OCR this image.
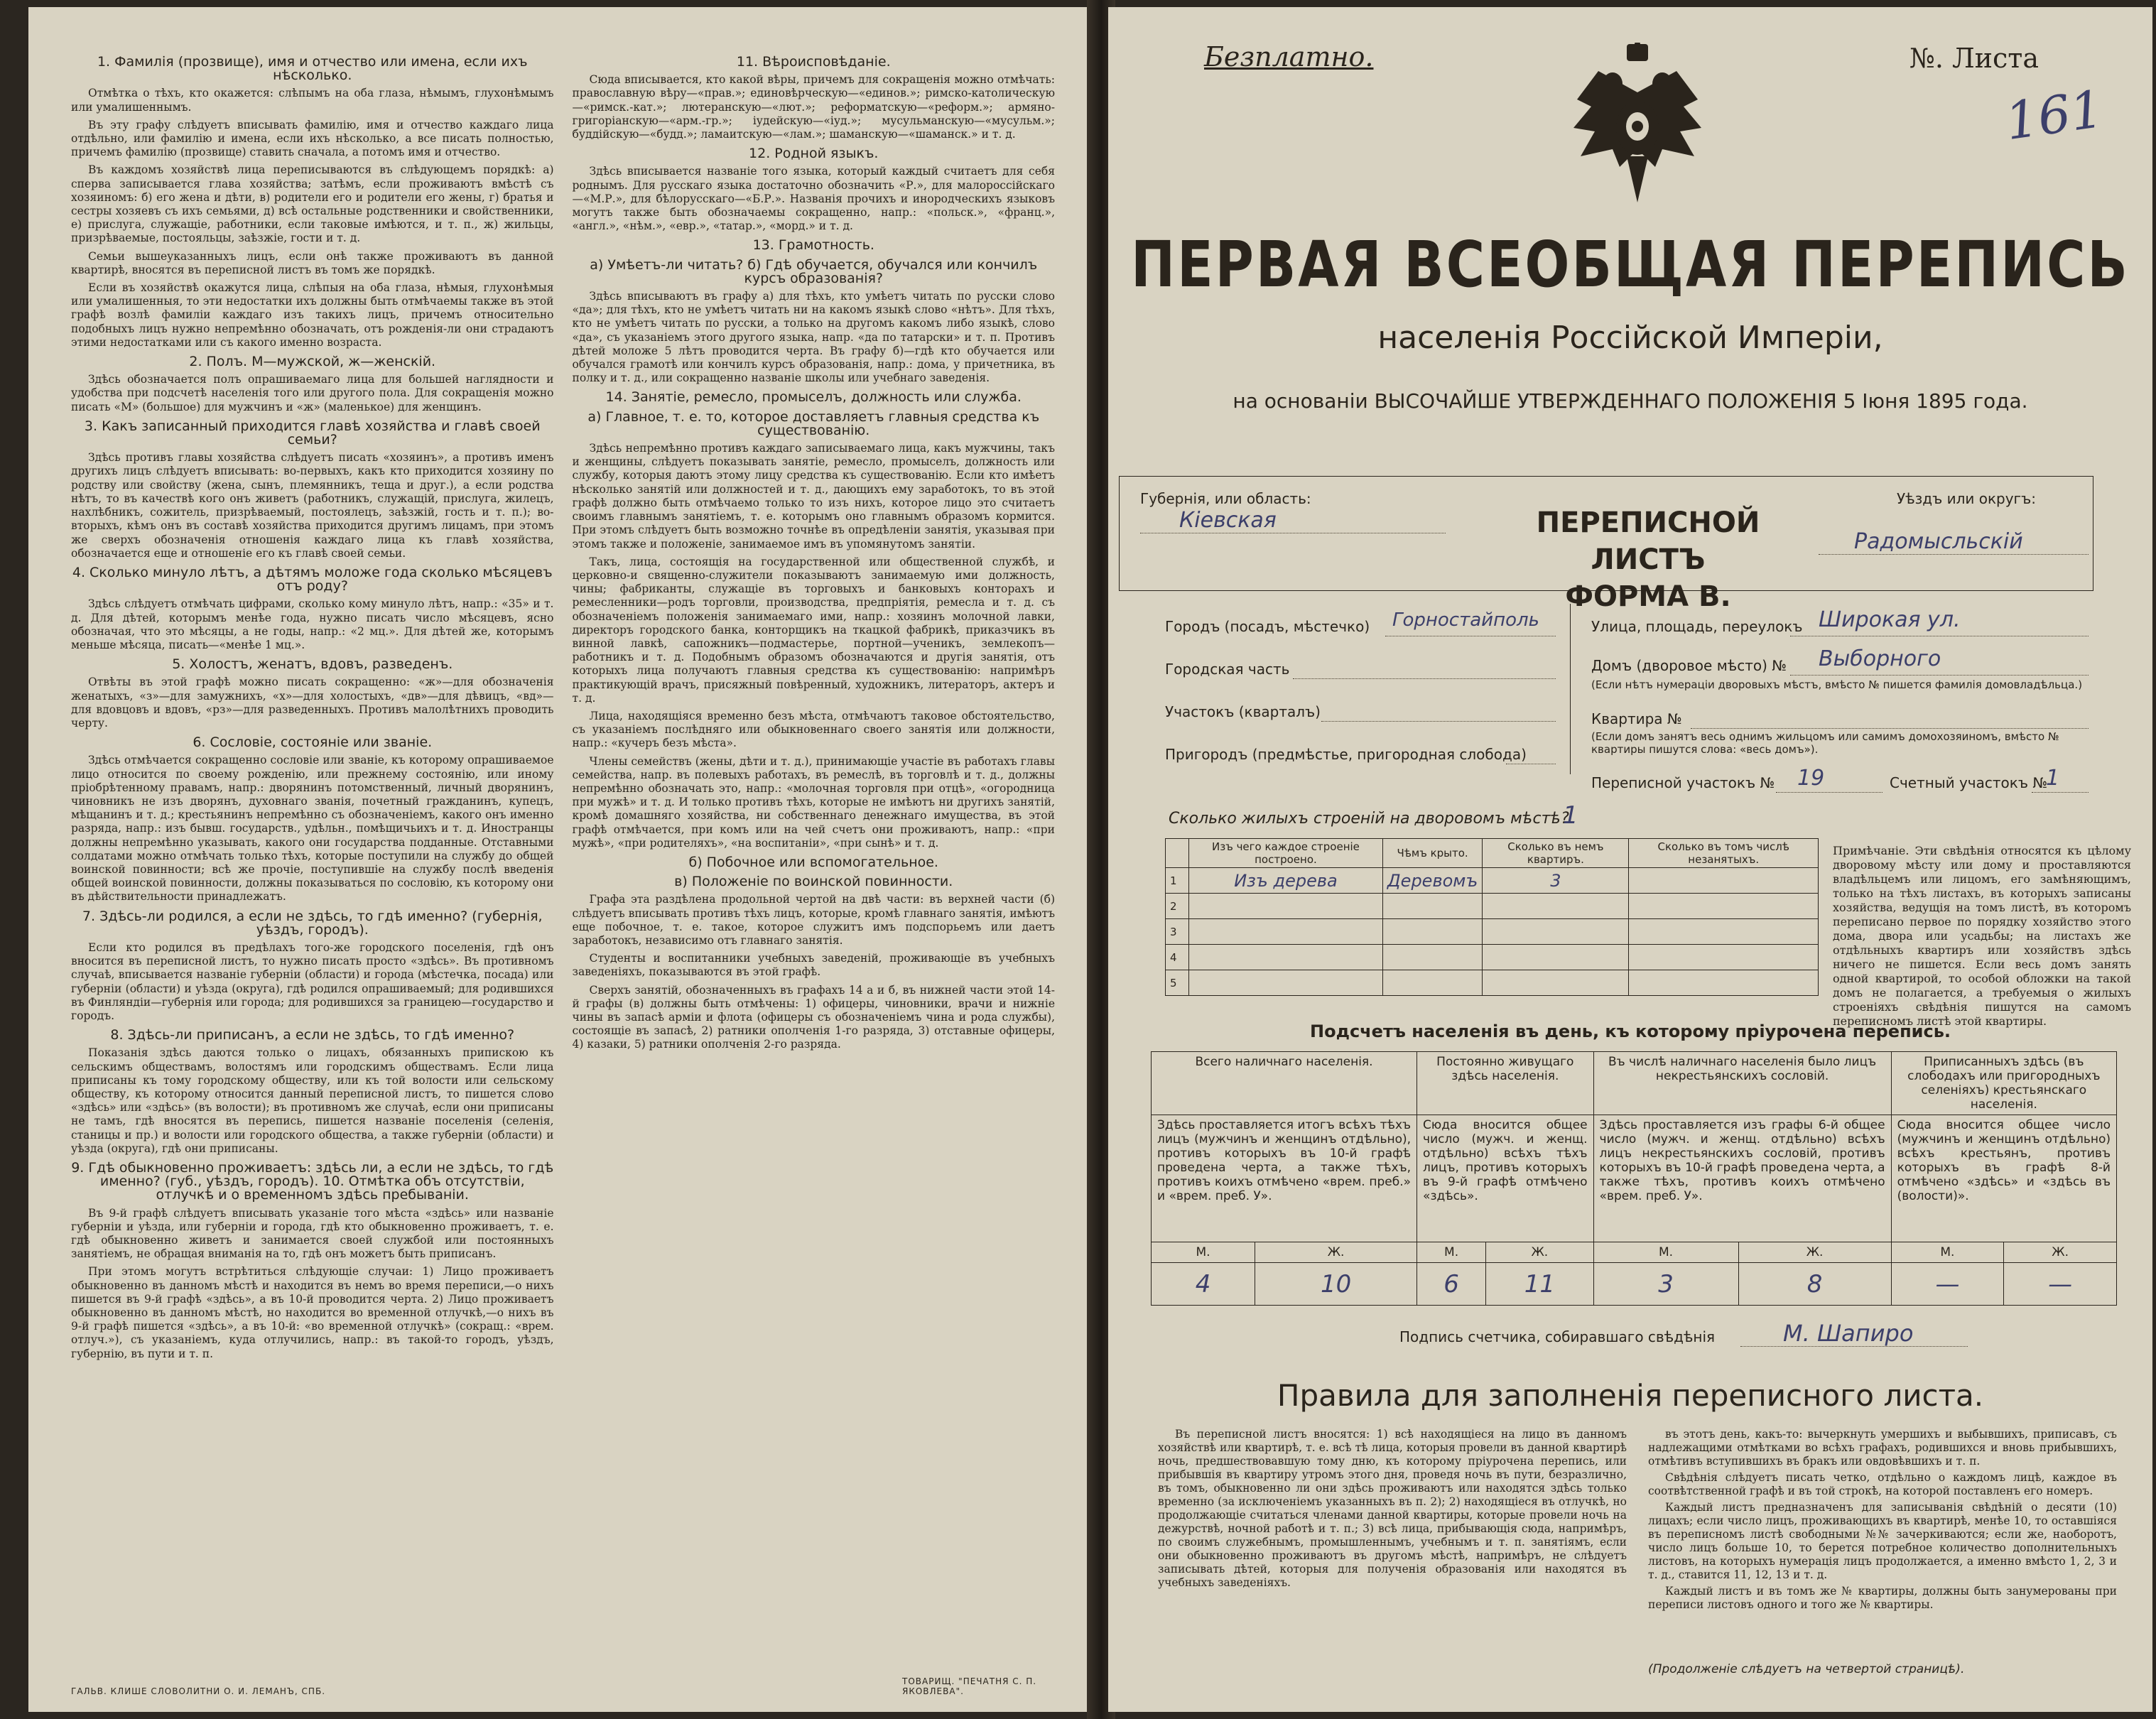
1. Фамилія (прозвище), имя и отчество или имена, если ихъ нѣсколько.

Отмѣтка о тѣхъ, кто окажется: слѣпымъ на оба глаза, нѣмымъ, глухонѣмымъ или умалишеннымъ.

Въ эту графу слѣдуетъ вписывать фамилію, имя и отчество каждаго лица отдѣльно, или фамилію и имена, если ихъ нѣсколько, а все писать полностью, причемъ фамилію (прозвище) ставить сначала, а потомъ имя и отчество.

Въ каждомъ хозяйствѣ лица переписываются въ слѣдующемъ порядкѣ: а) сперва записывается глава хозяйства; затѣмъ, если проживаютъ вмѣстѣ съ хозяиномъ: б) его жена и дѣти, в) родители его и родители его жены, г) братья и сестры хозяевъ съ ихъ семьями, д) всѣ остальные родственники и свойственники, е) прислуга, служащіе, работники, если таковые имѣются, и т. п., ж) жильцы, призрѣваемые, постояльцы, заѣзжіе, гости и т. д.

Семьи вышеуказанныхъ лицъ, если онѣ также проживаютъ въ данной квартирѣ, вносятся въ переписной листъ въ томъ же порядкѣ.

Если въ хозяйствѣ окажутся лица, слѣпыя на оба глаза, нѣмыя, глухонѣмыя или умалишенныя, то эти недостатки ихъ должны быть отмѣчаемы также въ этой графѣ возлѣ фамиліи каждаго изъ такихъ лицъ, причемъ относительно подобныхъ лицъ нужно непремѣнно обозначать, отъ рожденія-ли они страдаютъ этими недостатками или съ какого именно возраста.

2. Полъ. М—мужской, ж—женскій.

Здѣсь обозначается полъ опрашиваемаго лица для большей наглядности и удобства при подсчетѣ населенія того или другого пола. Для сокращенія можно писать «М» (большое) для мужчинъ и «ж» (маленькое) для женщинъ.

3. Какъ записанный приходится главѣ хозяйства и главѣ своей семьи?

Здѣсь противъ главы хозяйства слѣдуетъ писать «хозяинъ», а противъ именъ другихъ лицъ слѣдуетъ вписывать: во-первыхъ, какъ кто приходится хозяину по родству или свойству (жена, сынъ, племянникъ, теща и друг.), а если родства нѣтъ, то въ качествѣ кого онъ живетъ (работникъ, служащій, прислуга, жилецъ, нахлѣбникъ, сожитель, призрѣваемый, постоялецъ, заѣзжій, гость и т. п.); во-вторыхъ, кѣмъ онъ въ составѣ хозяйства приходится другимъ лицамъ, при этомъ же сверхъ обозначенія отношенія каждаго лица къ главѣ хозяйства, обозначается еще и отношеніе его къ главѣ своей семьи.

4. Сколько минуло лѣтъ, а дѣтямъ моложе года сколько мѣсяцевъ отъ роду?

Здѣсь слѣдуетъ отмѣчать цифрами, сколько кому минуло лѣтъ, напр.: «35» и т. д. Для дѣтей, которымъ менѣе года, нужно писать число мѣсяцевъ, ясно обозначая, что это мѣсяцы, а не годы, напр.: «2 мц.». Для дѣтей же, которымъ меньше мѣсяца, писать—«менѣе 1 мц.».

5. Холостъ, женатъ, вдовъ, разведенъ.

Отвѣты въ этой графѣ можно писать сокращенно: «ж»—для обозначенія женатыхъ, «з»—для замужнихъ, «х»—для холостыхъ, «дв»—для дѣвицъ, «вд»—для вдовцовъ и вдовъ, «рз»—для разведенныхъ. Противъ малолѣтнихъ проводить черту.

6. Сословіе, состояніе или званіе.

Здѣсь отмѣчается сокращенно сословіе или званіе, къ которому опрашиваемое лицо относится по своему рожденію, или прежнему состоянію, или иному пріобрѣтенному правамъ, напр.: дворянинъ потомственный, личный дворянинъ, чиновникъ не изъ дворянъ, духовнаго званія, почетный гражданинъ, купецъ, мѣщанинъ и т. д.; крестьянинъ непремѣнно съ обозначеніемъ, какого онъ именно разряда, напр.: изъ бывш. государств., удѣльн., помѣщичьихъ и т. д. Иностранцы должны непремѣнно указывать, какого они государства подданные. Отставными солдатами можно отмѣчать только тѣхъ, которые поступили на службу до общей воинской повинности; всѣ же прочіе, поступившіе на службу послѣ введенія общей воинской повинности, должны показываться по сословію, къ которому они въ дѣйствительности принадлежатъ.

7. Здѣсь-ли родился, а если не здѣсь, то гдѣ именно? (губернія, уѣздъ, городъ).

Если кто родился въ предѣлахъ того-же городского поселенія, гдѣ онъ вносится въ переписной листъ, то нужно писать просто «здѣсь». Въ противномъ случаѣ, вписывается названіе губерніи (области) и города (мѣстечка, посада) или губерніи (области) и уѣзда (округа), гдѣ родился опрашиваемый; для родившихся въ Финляндіи—губернія или города; для родившихся за границею—государство и городъ.

8. Здѣсь-ли приписанъ, а если не здѣсь, то гдѣ именно?

Показанія здѣсь даются только о лицахъ, обязанныхъ припискою къ сельскимъ обществамъ, волостямъ или городскимъ обществамъ. Если лица приписаны къ тому городскому обществу, или къ той волости или сельскому обществу, къ которому относится данный переписной листъ, то пишется слово «здѣсь» или «здѣсь» (въ волости); въ противномъ же случаѣ, если они приписаны не тамъ, гдѣ вносятся въ перепись, пишется названіе поселенія (селенія, станицы и пр.) и волости или городского общества, а также губерніи (области) и уѣзда (округа), гдѣ они приписаны.

9. Гдѣ обыкновенно проживаетъ: здѣсь ли, а если не здѣсь, то гдѣ именно? (губ., уѣздъ, городъ). 10. Отмѣтка объ отсутствіи, отлучкѣ и о временномъ здѣсь пребываніи.

Въ 9-й графѣ слѣдуетъ вписывать указаніе того мѣста «здѣсь» или названіе губерніи и уѣзда, или губерніи и города, гдѣ кто обыкновенно проживаетъ, т. е. гдѣ обыкновенно живетъ и занимается своей службой или постоянныхъ занятіемъ, не обращая вниманія на то, гдѣ онъ можетъ быть приписанъ.

При этомъ могутъ встрѣтиться слѣдующіе случаи: 1) Лицо проживаетъ обыкновенно въ данномъ мѣстѣ и находится въ немъ во время переписи,—о нихъ пишется въ 9-й графѣ «здѣсь», а въ 10-й проводится черта. 2) Лицо проживаетъ обыкновенно въ данномъ мѣстѣ, но находится во временной отлучкѣ,—о нихъ въ 9-й графѣ пишется «здѣсь», а въ 10-й: «во временной отлучкѣ» (сокращ.: «врем. отлуч.»), съ указаніемъ, куда отлучились, напр.: въ такой-то городъ, уѣздъ, губернію, въ пути и т. п.

11. Вѣроисповѣданіе.

Сюда вписывается, кто какой вѣры, причемъ для сокращенія можно отмѣчать: православную вѣру—«прав.»; единовѣрческую—«единов.»; римско-католическую—«римск.-кат.»; лютеранскую—«лют.»; реформатскую—«реформ.»; армяно-григоріанскую—«арм.-гр.»; іудейскую—«іуд.»; мусульманскую—«мусульм.»; буддійскую—«будд.»; ламаитскую—«лам.»; шаманскую—«шаманск.» и т. д.

12. Родной языкъ.

Здѣсь вписывается названіе того языка, который каждый считаетъ для себя роднымъ. Для русскаго языка достаточно обозначить «Р.», для малороссійскаго—«М.Р.», для бѣлорусскаго—«Б.Р.». Названія прочихъ и инородческихъ языковъ могутъ также быть обозначаемы сокращенно, напр.: «польск.», «франц.», «англ.», «нѣм.», «евр.», «татар.», «морд.» и т. д.

13. Грамотность.
а) Умѣетъ-ли читать? б) Гдѣ обучается, обучался или кончилъ курсъ образованія?

Здѣсь вписываютъ въ графу а) для тѣхъ, кто умѣетъ читать по русски слово «да»; для тѣхъ, кто не умѣетъ читать ни на какомъ языкѣ слово «нѣтъ». Для тѣхъ, кто не умѣетъ читать по русски, а только на другомъ какомъ либо языкѣ, слово «да», съ указаніемъ этого другого языка, напр. «да по татарски» и т. п. Противъ дѣтей моложе 5 лѣтъ проводится черта. Въ графу б)—гдѣ кто обучается или обучался грамотѣ или кончилъ курсъ образованія, напр.: дома, у причетника, въ полку и т. д., или сокращенно названіе школы или учебнаго заведенія.

14. Занятіе, ремесло, промыселъ, должность или служба.
а) Главное, т. е. то, которое доставляетъ главныя средства къ существованію.

Здѣсь непремѣнно противъ каждаго записываемаго лица, какъ мужчины, такъ и женщины, слѣдуетъ показывать занятіе, ремесло, промыселъ, должность или службу, которыя даютъ этому лицу средства къ существованію. Если кто имѣетъ нѣсколько занятій или должностей и т. д., дающихъ ему заработокъ, то въ этой графѣ должно быть отмѣчаемо только то изъ нихъ, которое лицо это считаетъ своимъ главнымъ занятіемъ, т. е. которымъ оно главнымъ образомъ кормится. При этомъ слѣдуетъ быть возможно точнѣе въ опредѣленіи занятія, указывая при этомъ также и положеніе, занимаемое имъ въ упомянутомъ занятіи.

Такъ, лица, состоящія на государственной или общественной службѣ, и церковно-и священно-служители показываютъ занимаемую ими должность, чины; фабриканты, служащіе въ торговыхъ и банковыхъ конторахъ и ремесленники—родъ торговли, производства, предпріятія, ремесла и т. д. съ обозначеніемъ положенія занимаемаго ими, напр.: хозяинъ молочной лавки, директоръ городского банка, конторщикъ на ткацкой фабрикѣ, приказчикъ въ винной лавкѣ, сапожникъ—подмастерье, портной—ученикъ, землекопъ—работникъ и т. д. Подобнымъ образомъ обозначаются и другія занятія, отъ которыхъ лица получаютъ главныя средства къ существованію: напримѣръ практикующій врачъ, присяжный повѣренный, художникъ, литераторъ, актеръ и т. д.

Лица, находящіяся временно безъ мѣста, отмѣчаютъ таковое обстоятельство, съ указаніемъ послѣдняго или обыкновеннаго своего занятія или должности, напр.: «кучеръ безъ мѣста».

Члены семействъ (жены, дѣти и т. д.), принимающіе участіе въ работахъ главы семейства, напр. въ полевыхъ работахъ, въ ремеслѣ, въ торговлѣ и т. д., должны непремѣнно обозначать это, напр.: «молочная торговля при отцѣ», «огородница при мужѣ» и т. д. И только противъ тѣхъ, которые не имѣютъ ни другихъ занятій, кромѣ домашняго хозяйства, ни собственнаго денежнаго имущества, въ этой графѣ отмѣчается, при комъ или на чей счетъ они проживаютъ, напр.: «при мужѣ», «при родителяхъ», «на воспитаніи», «при сынѣ» и т. д.

б) Побочное или вспомогательное.
в) Положеніе по воинской повинности.

Графа эта раздѣлена продольной чертой на двѣ части: въ верхней части (б) слѣдуетъ вписывать противъ тѣхъ лицъ, которые, кромѣ главнаго занятія, имѣютъ еще побочное, т. е. такое, которое служитъ имъ подспорьемъ или даетъ заработокъ, независимо отъ главнаго занятія.

Студенты и воспитанники учебныхъ заведеній, проживающіе въ учебныхъ заведеніяхъ, показываются въ этой графѣ.

Сверхъ занятій, обозначенныхъ въ графахъ 14 а и б, въ нижней части этой 14-й графы (в) должны быть отмѣчены: 1) офицеры, чиновники, врачи и нижніе чины въ запасѣ арміи и флота (офицеры съ обозначеніемъ чина и рода службы), состоящіе въ запасѣ, 2) ратники ополченія 1-го разряда, 3) отставные офицеры, 4) казаки, 5) ратники ополченія 2-го разряда.

ГАЛЬВ. КЛИШЕ СЛОВОЛИТНИ О. И. ЛЕМАНЪ, СПБ.
ТОВАРИЩ. "ПЕЧАТНЯ С. П. ЯКОВЛЕВА".
Безплатно.	№. Листа
161
ПЕРВАЯ ВСЕОБЩАЯ ПЕРЕПИСЬ
населенія Россійской Имперіи,
на основаніи ВЫСОЧАЙШЕ УТВЕРЖДЕННАГО ПОЛОЖЕНІЯ 5 Іюня 1895 года.
Губернія, или область:
Кіевская	ПЕРЕПИСНОЙ ЛИСТЪ
ФОРМА В.
Уѣздъ или округъ:
Радомысльскій
Городъ (посадъ, мѣстечко) Горностайполь
Городская часть
Участокъ (кварталъ)
Пригородъ (предмѣстье, пригородная слобода)
Улица, площадь, переулокъ Широкая ул.
Домъ (дворовое мѣсто) № Выборного
(Если нѣтъ нумераціи дворовыхъ мѣстъ, вмѣсто № пишется фамилія домовладѣльца.)
Квартира №
(Если домъ занятъ весь однимъ жильцомъ или самимъ домохозяиномъ, вмѣсто № квартиры пишутся слова: «весь домъ»).
Переписной участокъ № 19	Счетный участокъ №
1
Сколько жилыхъ строеній на дворовомъ мѣстѣ?
1
	Изъ чего каждое строеніе построено.	Чѣмъ крыто.	Сколько въ немъ квартиръ.	Сколько въ томъ числѣ незанятыхъ.
1	Изъ дерева	Деревомъ	3	
2				
3				
4				
5				
Примѣчаніе. Эти свѣдѣнія относятся къ цѣлому дворовому мѣсту или дому и проставляются владѣльцемъ или лицомъ, его замѣняющимъ, только на тѣхъ листахъ, въ которыхъ записаны хозяйства, ведущія на томъ листѣ, въ которомъ переписано первое по порядку хозяйство этого дома, двора или усадьбы; на листахъ же отдѣльныхъ квартиръ или хозяйствъ здѣсь ничего не пишется. Если весь домъ занять одной квартирой, то особой обложки на такой домъ не полагается, а требуемыя о жилыхъ строеніяхъ свѣдѣнія пишутся на самомъ переписномъ листѣ этой квартиры.
Подсчетъ населенія въ день, къ которому пріурочена перепись.
Всего наличнаго населенія.		Постоянно живущаго здѣсь населенія.		Въ числѣ наличнаго населенія было лицъ некрестьянскихъ сословій.		Приписанныхъ здѣсь (въ слободахъ или пригородныхъ селеніяхъ) крестьянскаго населенія.	
Здѣсь проставляется итогъ всѣхъ тѣхъ лицъ (мужчинъ и женщинъ отдѣльно), противъ которыхъ въ 10-й графѣ проведена черта, а также тѣхъ, противъ коихъ отмѣчено «врем. преб.» и «врем. преб. У».		Сюда вносится общее число (мужч. и женщ. отдѣльно) всѣхъ тѣхъ лицъ, противъ которыхъ въ 9-й графѣ отмѣчено «здѣсь».		Здѣсь проставляется изъ графы 6-й общее число (мужч. и женщ. отдѣльно) всѣхъ лицъ некрестьянскихъ сословій, противъ которыхъ въ 10-й графѣ проведена черта, а также тѣхъ, противъ коихъ отмѣчено «врем. преб. У».		Сюда вносится общее число (мужчинъ и женщинъ отдѣльно) всѣхъ крестьянъ, противъ которыхъ въ графѣ 8-й отмѣчено «здѣсь» и «здѣсь въ (волости)».	
М.	Ж.	М.	Ж.	М.	Ж.	М.	Ж.
4	10	6	11	3	8	—	—
Подпись счетчика, собиравшаго свѣдѣнія	М. Шапиро
Правила для заполненія переписного листа.

Въ переписной листъ вносятся: 1) всѣ находящіеся на лицо въ данномъ хозяйствѣ или квартирѣ, т. е. всѣ тѣ лица, которыя провели въ данной квартирѣ ночь, предшествовавшую тому дню, къ которому пріурочена перепись, или прибывшія въ квартиру утромъ этого дня, проведя ночь въ пути, безразлично, въ томъ, обыкновенно ли они здѣсь проживаютъ или находятся здѣсь только временно (за исключеніемъ указанныхъ въ п. 2); 2) находящіеся въ отлучкѣ, но продолжающіе считаться членами данной квартиры, которые провели ночь на дежурствѣ, ночной работѣ и т. п.; 3) всѣ лица, прибывающія сюда, напримѣръ, по своимъ служебнымъ, промышленнымъ, учебнымъ и т. п. занятіямъ, если они обыкновенно проживаютъ въ другомъ мѣстѣ, напримѣръ, не слѣдуетъ записывать дѣтей, которыя для полученія образованія или находятся въ учебныхъ заведеніяхъ.

въ этотъ день, какъ-то: вычеркнуть умершихъ и выбывшихъ, приписавъ, съ надлежащими отмѣтками во всѣхъ графахъ, родившихся и вновь прибывшихъ, отмѣтивъ вступившихъ въ бракъ или овдовѣвшихъ и т. п.

Свѣдѣнія слѣдуетъ писать четко, отдѣльно о каждомъ лицѣ, каждое въ соотвѣтственной графѣ и въ той строкѣ, на которой поставленъ его номеръ.

Каждый листъ предназначенъ для записыванія свѣдѣній о десяти (10) лицахъ; если число лицъ, проживающихъ въ квартирѣ, менѣе 10, то оставшіяся въ переписномъ листѣ свободными №№ зачеркиваются; если же, наоборотъ, число лицъ больше 10, то берется потребное количество дополнительныхъ листовъ, на которыхъ нумерація лицъ продолжается, а именно вмѣсто 1, 2, 3 и т. д., ставится 11, 12, 13 и т. д.

Каждый листъ и въ томъ же № квартиры, должны быть занумерованы при переписи листовъ одного и того же № квартиры.

(Продолженіе слѣдуетъ на четвертой страницѣ).
